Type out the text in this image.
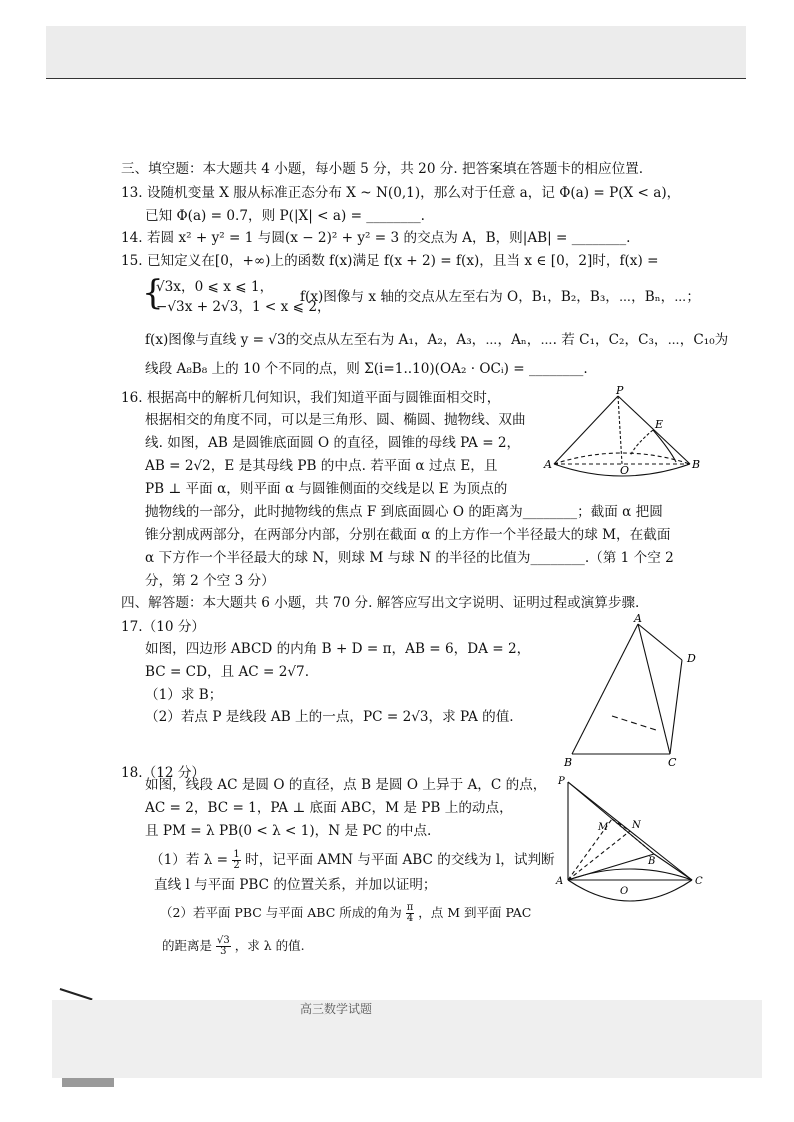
三、填空题：本大题共 4 小题，每小题 5 分，共 20 分. 把答案填在答题卡的相应位置.
13. 设随机变量 X 服从标准正态分布 X ~ N(0,1)，那么对于任意 a，记 Φ(a) = P(X < a)，
已知 Φ(a) = 0.7，则 P(|X| < a) = ________.
14. 若圆 x² + y² = 1 与圆(x − 2)² + y² = 3 的交点为 A，B，则|AB| = ________.
15. 已知定义在[0，+∞)上的函数 f(x)满足 f(x + 2) = f(x)，且当 x ∈ [0，2]时，f(x) =
{
√3x，0 ⩽ x ⩽ 1，
−√3x + 2√3，1 < x ⩽ 2，
f(x)图像与 x 轴的交点从左至右为 O，B₁，B₂，B₃，⋯，Bₙ，⋯；
f(x)图像与直线 y = √3的交点从左至右为 A₁，A₂，A₃，⋯，Aₙ，⋯. 若 C₁，C₂，C₃，⋯，C₁₀为
线段 A₈B₈ 上的 10 个不同的点，则 Σ(i=1..10)(OA₂ · OCᵢ) = ________.
16. 根据高中的解析几何知识，我们知道平面与圆锥面相交时，
根据相交的角度不同，可以是三角形、圆、椭圆、抛物线、双曲
线. 如图，AB 是圆锥底面圆 O 的直径，圆锥的母线 PA = 2，
AB = 2√2，E 是其母线 PB 的中点. 若平面 α 过点 E，且
PB ⊥ 平面 α，则平面 α 与圆锥侧面的交线是以 E 为顶点的
抛物线的一部分，此时抛物线的焦点 F 到底面圆心 O 的距离为________；截面 α 把圆
锥分割成两部分，在两部分内部，分别在截面 α 的上方作一个半径最大的球 M，在截面
α 下方作一个半径最大的球 N，则球 M 与球 N 的半径的比值为________.（第 1 个空 2
分，第 2 个空 3 分）
P
E
A	B
O
四、解答题：本大题共 6 小题，共 70 分. 解答应写出文字说明、证明过程或演算步骤.
17.（10 分）
如图，四边形 ABCD 的内角 B + D = π，AB = 6，DA = 2，
BC = CD，且 AC = 2√7.
（1）求 B；
（2）若点 P 是线段 AB 上的一点，PC = 2√3，求 PA 的值.
A
D
B	C
18.（12 分）
如图，线段 AC 是圆 O 的直径，点 B 是圆 O 上异于 A，C 的点，
AC = 2，BC = 1，PA ⊥ 底面 ABC，M 是 PB 上的动点，
且 PM = λ PB(0 < λ < 1)，N 是 PC 的中点.
（1）若 $\lambda = \frac{1}{2}$ 时，记平面 AMN 与平面 ABC 的交线为 l，试判断
直线 l 与平面 PBC 的位置关系，并加以证明；
（2）若平面 PBC 与平面 ABC 所成的角为 $\frac{\pi}{4}$ ，点 M 到平面 PAC
的距离是 $\frac{√3}{3}$ ，求 λ 的值.
P
M N
B
A	C
O
高三数学试题
